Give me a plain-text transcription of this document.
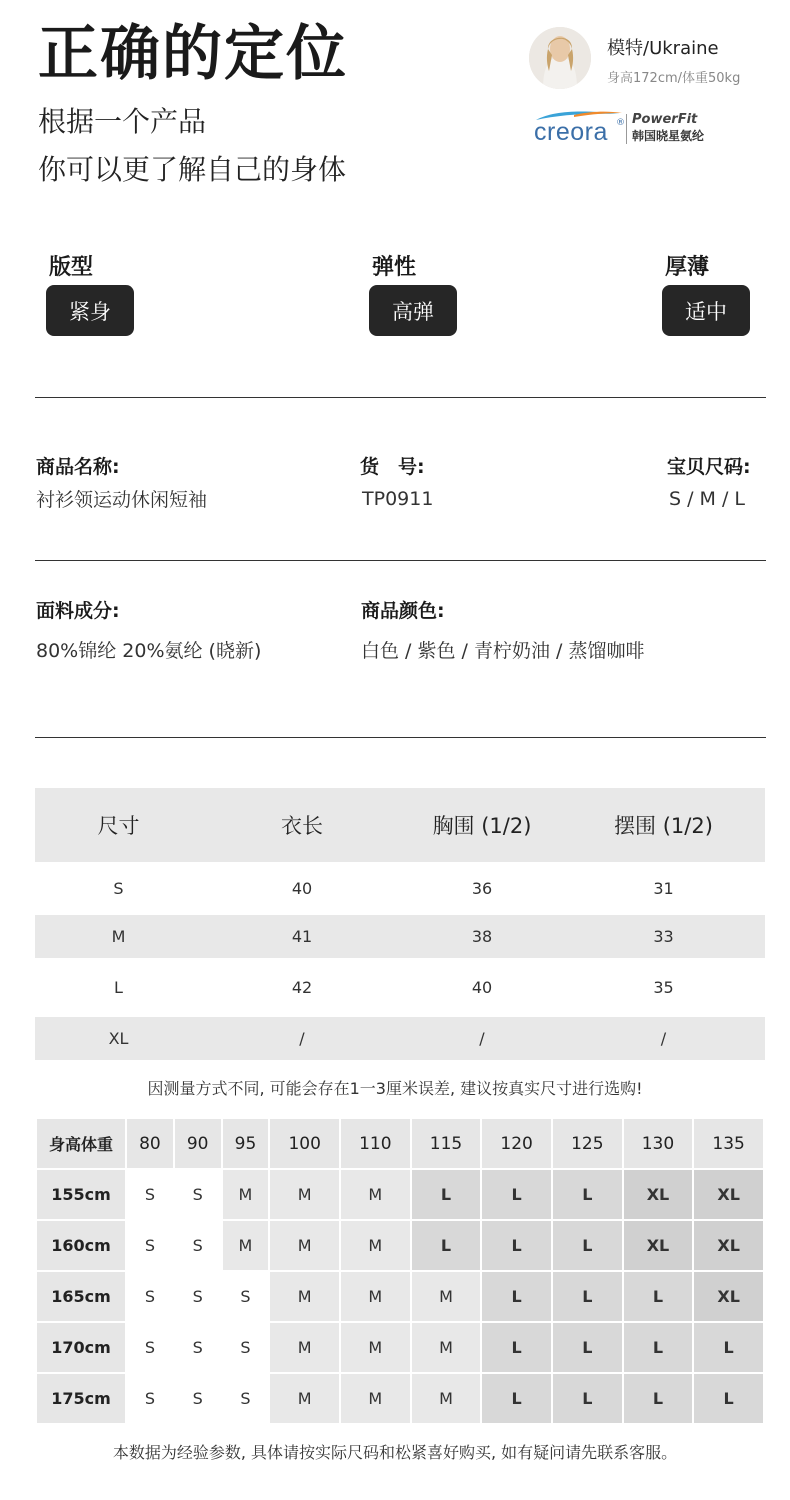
正确的定位
根据一个产品
你可以更了解自己的身体
模特/Ukraine
身高172cm/体重50kg
creora ® PowerFit
韩国晓星氨纶
版型
紧身
弹性
高弹
厚薄
适中
商品名称:
衬衫领运动休闲短袖
货　号:
TP0911
宝贝尺码:
S / M / L
面料成分:
80%锦纶 20%氨纶 (晓新)
商品颜色:
白色 / 紫色 / 青柠奶油 / 蒸馏咖啡
尺寸	衣长	胸围 (1/2)	摆围 (1/2)
S	40	36	31
M	41	38	33
L	42	40	35
XL	/	/	/
因测量方式不同, 可能会存在1一3厘米误差, 建议按真实尺寸进行选购!
身高体重	80	90	95	100	110	115	120	125	130	135
155cm	S	S	M	M	M	L	L	L	XL	XL
160cm	S	S	M	M	M	L	L	L	XL	XL
165cm	S	S	S	M	M	M	L	L	L	XL
170cm	S	S	S	M	M	M	L	L	L	L
175cm	S	S	S	M	M	M	L	L	L	L
本数据为经验参数, 具体请按实际尺码和松紧喜好购买, 如有疑问请先联系客服。
